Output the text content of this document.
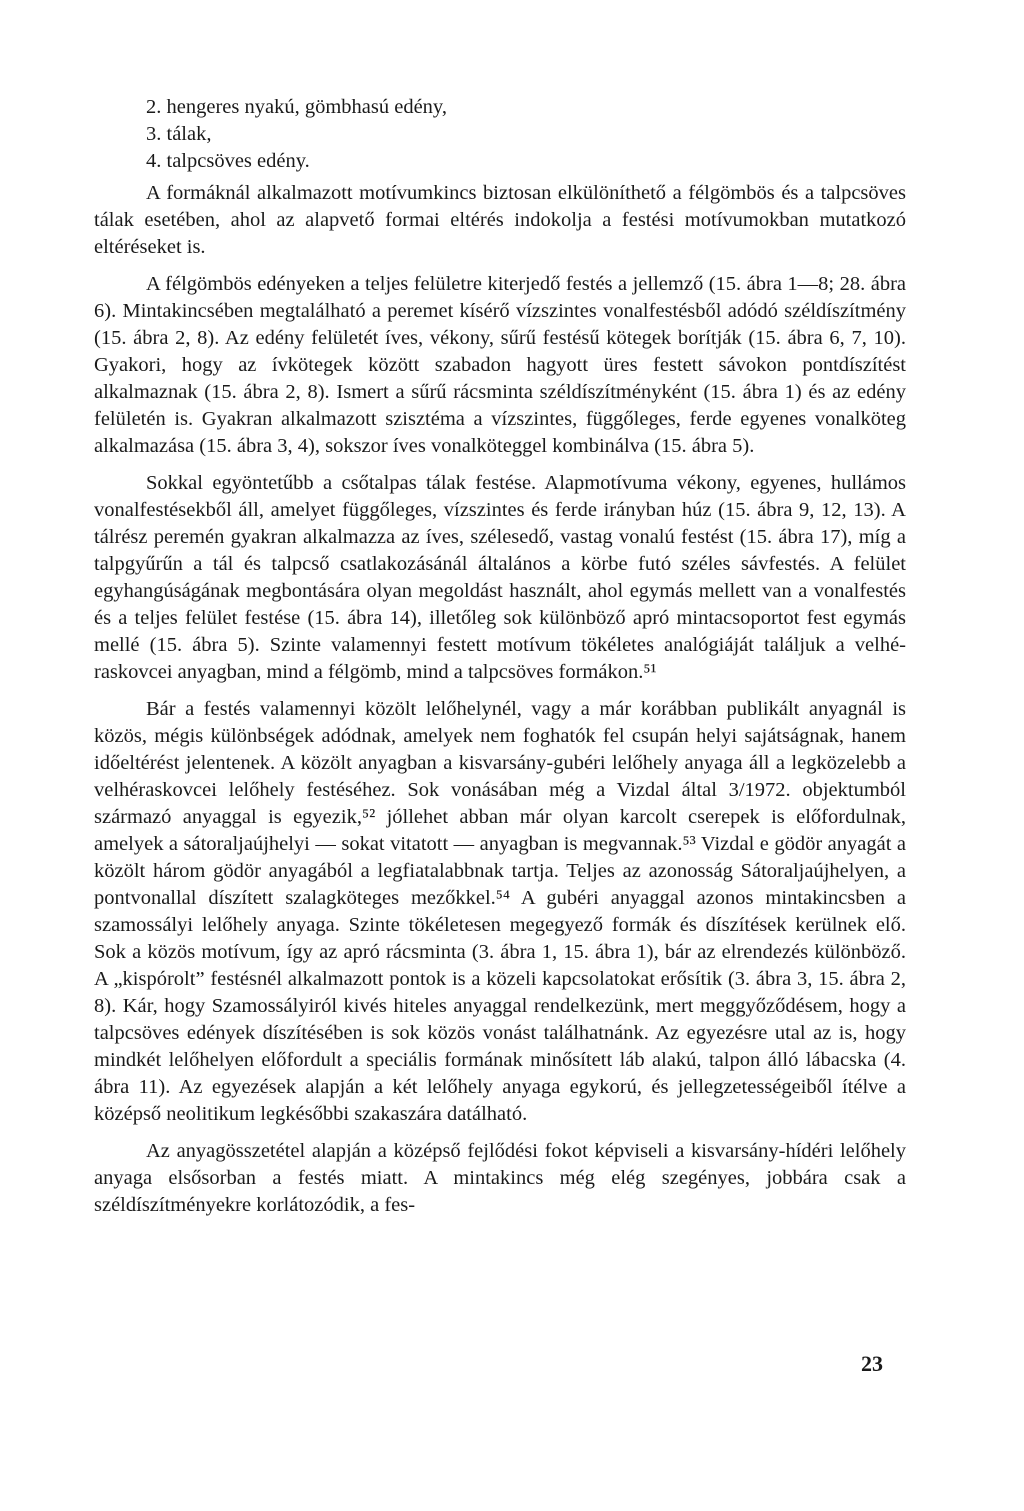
2. hengeres nyakú, gömbhasú edény,
3. tálak,
4. talpcsöves edény.

A formáknál alkalmazott motívumkincs biztosan elkülöníthető a félgömbös és a talpcsöves tálak esetében, ahol az alapvető formai eltérés indokolja a festési motívumokban mutatkozó eltéréseket is.

A félgömbös edényeken a teljes felületre kiterjedő festés a jellemző (15. ábra 1—8; 28. ábra 6). Mintakincsében megtalálható a peremet kísérő vízszintes vonalfestésből adódó széldíszítmény (15. ábra 2, 8). Az edény felületét íves, vékony, sűrű festésű kötegek borítják (15. ábra 6, 7, 10). Gyakori, hogy az ívkötegek között szabadon hagyott üres festett sávokon pontdíszítést alkalmaznak (15. ábra 2, 8). Ismert a sűrű rácsminta széldíszítményként (15. ábra 1) és az edény felületén is. Gyakran alkalmazott szisztéma a vízszintes, függőleges, ferde egyenes vonalköteg alkalmazása (15. ábra 3, 4), sokszor íves vonalkötеggel kombinálva (15. ábra 5).

Sokkal egyöntetűbb a csőtalpas tálak festése. Alapmotívuma vékony, egyenes, hullámos vonalfestésekből áll, amelyet függőleges, vízszintes és ferde irányban húz (15. ábra 9, 12, 13). A tálrész peremén gyakran alkalmazza az íves, szélesedő, vastag vonalú festést (15. ábra 17), míg a talpgyűrűn a tál és talpcső csatlakozásánál általános a körbe futó széles sávfestés. A felület egyhangúságának megbontására olyan megoldást használt, ahol egymás mellett van a vonalfestés és a teljes felület festése (15. ábra 14), illetőleg sok különböző apró mintacsoportot fest egymás mellé (15. ábra 5). Szinte valamennyi festett motívum tökéletes analógiáját találjuk a velhé-raskovcei anyagban, mind a félgömb, mind a talpcsöves formákon.⁵¹

Bár a festés valamennyi közölt lelőhelynél, vagy a már korábban publikált anyagnál is közös, mégis különbségek adódnak, amelyek nem foghatók fel csupán helyi sajátságnak, hanem időeltérést jelentenek. A közölt anyagban a kisvarsány-gubéri lelőhely anyaga áll a legközelebb a velhéraskovcei lelőhely festéséhez. Sok vonásában még a Vizdal által 3/1972. objektumból származó anyaggal is egyezik,⁵² jóllehet abban már olyan karcolt cserepek is előfordulnak, amelyek a sátoraljaújhelyi — sokat vitatott — anyagban is megvannak.⁵³ Vizdal e gödör anyagát a közölt három gödör anyagából a legfiatalabbnak tartja. Teljes az azonosság Sátoraljaújhelyen, a pontvonallal díszített szalagkötеges mezőkkel.⁵⁴ A gubéri anyaggal azonos mintakincsben a szamossályi lelőhely anyaga. Szinte tökéletesen megegyező formák és díszítések kerülnek elő. Sok a közös motívum, így az apró rácsminta (3. ábra 1, 15. ábra 1), bár az elrendezés különböző. A „kispórolt” festésnél alkalmazott pontok is a közeli kapcsolatokat erősítik (3. ábra 3, 15. ábra 2, 8). Kár, hogy Szamossályiról kivés hiteles anyaggal rendelkezünk, mert meggyőződésem, hogy a talpcsöves edények díszítésében is sok közös vonást találhatnánk. Az egyezésre utal az is, hogy mindkét lelőhelyen előfordult a speciális formának minősített láb alakú, talpon álló lábacska (4. ábra 11). Az egyezések alapján a két lelőhely anyaga egykorú, és jellegzetességeiből ítélve a középső neolitikum legkésőbbi szakaszára datálható.

Az anyagösszetétel alapján a középső fejlődési fokot képviseli a kisvarsány-hídéri lelőhely anyaga elsősorban a festés miatt. A mintakincs még elég szegényes, jobbára csak a széldíszítményekre korlátozódik, a fes-

23
